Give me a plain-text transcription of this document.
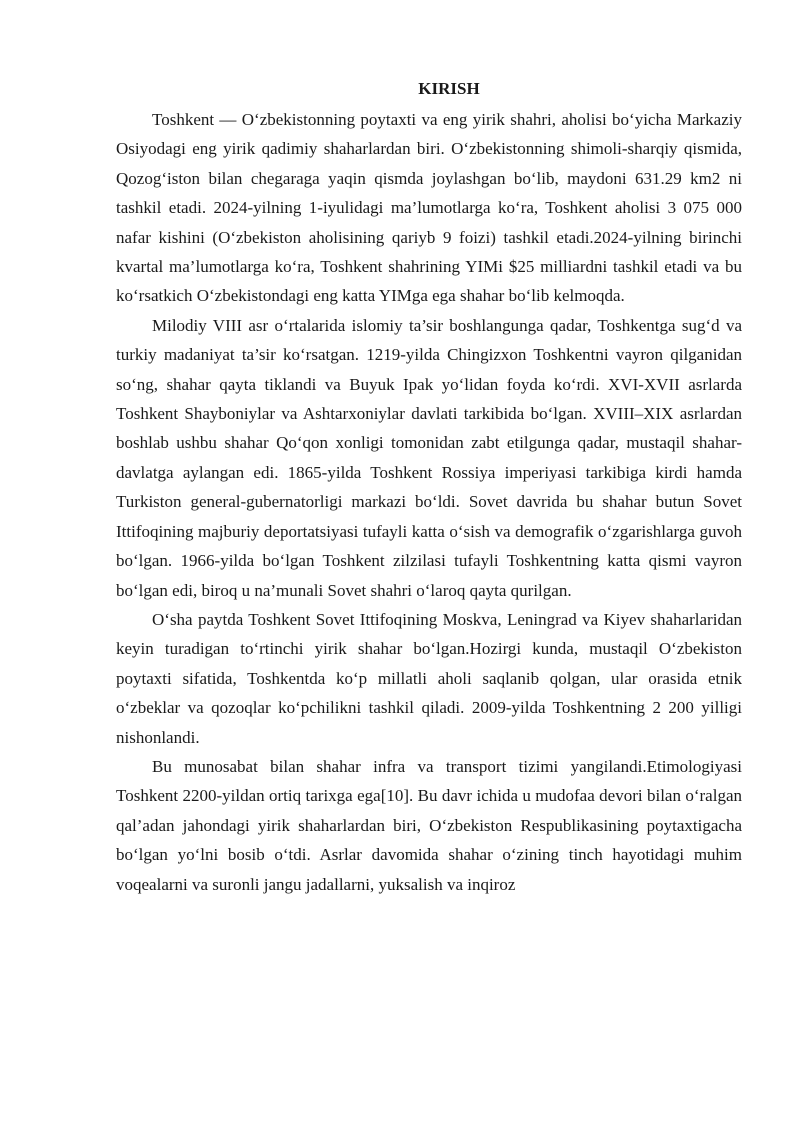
KIRISH

Toshkent — O‘zbekistonning poytaxti va eng yirik shahri, aholisi bo‘yicha Markaziy Osiyodagi eng yirik qadimiy shaharlardan biri. O‘zbekistonning shimoli-sharqiy qismida, Qozog‘iston bilan chegaraga yaqin qismda joylashgan bo‘lib, maydoni 631.29 km2 ni tashkil etadi. 2024-yilning 1-iyulidagi ma’lumotlarga ko‘ra, Toshkent aholisi 3 075 000 nafar kishini (O‘zbekiston aholisining qariyb 9 foizi) tashkil etadi.2024-yilning birinchi kvartal ma’lumotlarga ko‘ra, Toshkent shahrining YIMi $25 milliardni tashkil etadi va bu ko‘rsatkich O‘zbekistondagi eng katta YIMga ega shahar bo‘lib kelmoqda.

Milodiy VIII asr o‘rtalarida islomiy ta’sir boshlangunga qadar, Toshkentga sug‘d va turkiy madaniyat ta’sir ko‘rsatgan. 1219-yilda Chingizxon Toshkentni vayron qilganidan so‘ng, shahar qayta tiklandi va Buyuk Ipak yo‘lidan foyda ko‘rdi. XVI-XVII asrlarda Toshkent Shayboniylar va Ashtarxoniylar davlati tarkibida bo‘lgan. XVIII–XIX asrlardan boshlab ushbu shahar Qo‘qon xonligi tomonidan zabt etilgunga qadar, mustaqil shahar-davlatga aylangan edi. 1865-yilda Toshkent Rossiya imperiyasi tarkibiga kirdi hamda Turkiston general-gubernatorligi markazi bo‘ldi. Sovet davrida bu shahar butun Sovet Ittifoqining majburiy deportatsiyasi tufayli katta o‘sish va demografik o‘zgarishlarga guvoh bo‘lgan. 1966-yilda bo‘lgan Toshkent zilzilasi tufayli Toshkentning katta qismi vayron bo‘lgan edi, biroq u na’munali Sovet shahri o‘laroq qayta qurilgan.

O‘sha paytda Toshkent Sovet Ittifoqining Moskva, Leningrad va Kiyev shaharlaridan keyin turadigan to‘rtinchi yirik shahar bo‘lgan.Hozirgi kunda, mustaqil O‘zbekiston poytaxti sifatida, Toshkentda ko‘p millatli aholi saqlanib qolgan, ular orasida etnik o‘zbeklar va qozoqlar ko‘pchilikni tashkil qiladi. 2009-yilda Toshkentning 2 200 yilligi nishonlandi.

Bu munosabat bilan shahar infra va transport tizimi yangilandi.Etimologiyasi Toshkent 2200-yildan ortiq tarixga ega[10]. Bu davr ichida u mudofaa devori bilan o‘ralgan qal’adan jahondagi yirik shaharlardan biri, O‘zbekiston Respublikasining poytaxtigacha bo‘lgan yo‘lni bosib o‘tdi. Asrlar davomida shahar o‘zining tinch hayotidagi muhim voqealarni va suronli jangu jadallarni, yuksalish va inqiroz
